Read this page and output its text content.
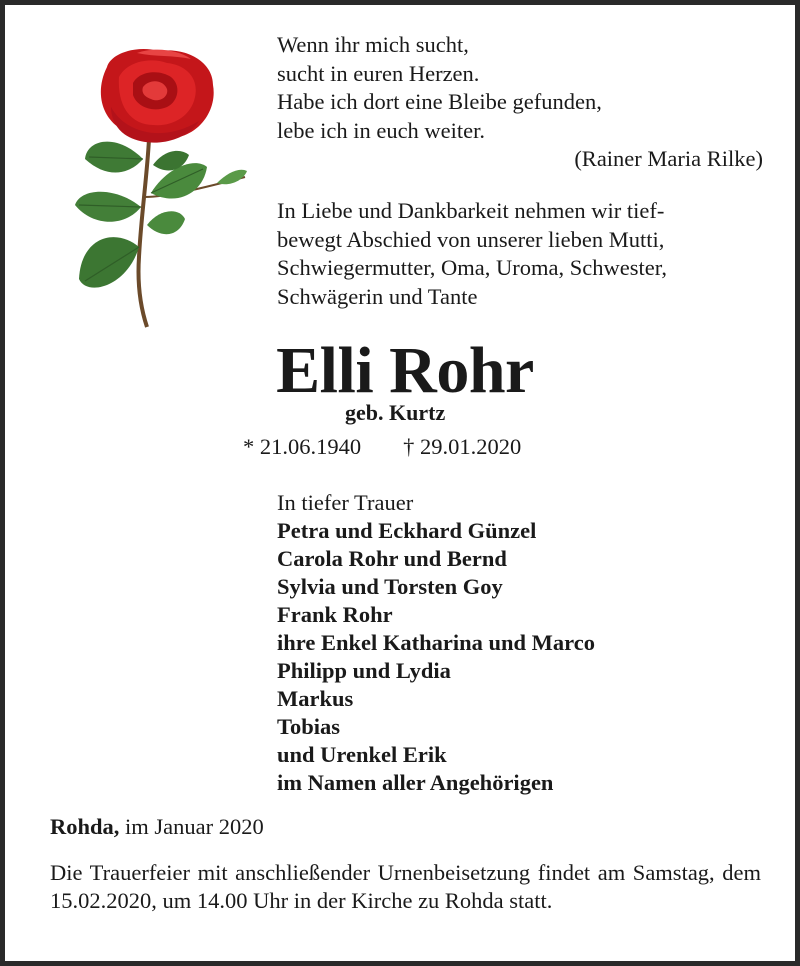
Wenn ihr mich sucht,
sucht in euren Herzen.
Habe ich dort eine Bleibe gefunden,
lebe ich in euch weiter.
(Rainer Maria Rilke)
In Liebe und Dankbarkeit nehmen wir tief-
bewegt Abschied von unserer lieben Mutti,
Schwiegermutter, Oma, Uroma, Schwester,
Schwägerin und Tante
Elli Rohr
geb. Kurtz
* 21.06.1940 † 29.01.2020
In tiefer Trauer
Petra und Eckhard Günzel
Carola Rohr und Bernd
Sylvia und Torsten Goy
Frank Rohr
ihre Enkel Katharina und Marco
Philipp und Lydia
Markus
Tobias
und Urenkel Erik
im Namen aller Angehörigen
Rohda, im Januar 2020
Die Trauerfeier mit anschließender Urnenbeisetzung findet am Samstag, dem 15.02.2020, um 14.00 Uhr in der Kirche zu Rohda statt.
